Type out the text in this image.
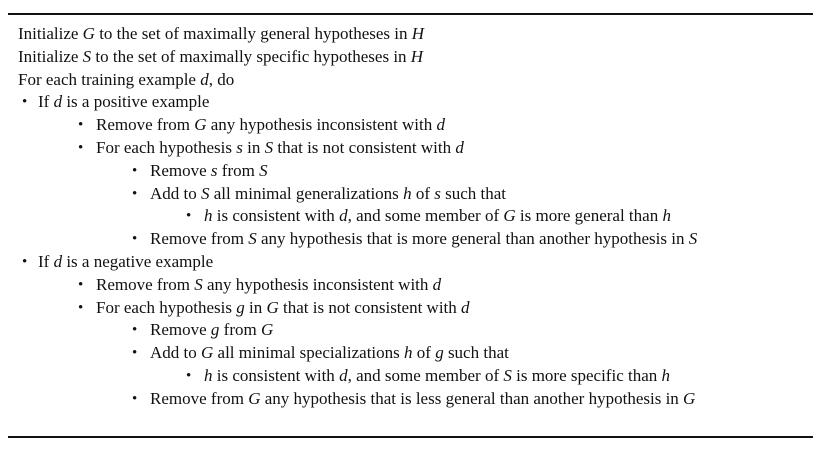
Initialize G to the set of maximally general hypotheses in H
Initialize S to the set of maximally specific hypotheses in H
For each training example d, do
• If d is a positive example
• Remove from G any hypothesis inconsistent with d
• For each hypothesis s in S that is not consistent with d
• Remove s from S
• Add to S all minimal generalizations h of s such that
• h is consistent with d, and some member of G is more general than h
• Remove from S any hypothesis that is more general than another hypothesis in S
• If d is a negative example
• Remove from S any hypothesis inconsistent with d
• For each hypothesis g in G that is not consistent with d
• Remove g from G
• Add to G all minimal specializations h of g such that
• h is consistent with d, and some member of S is more specific than h
• Remove from G any hypothesis that is less general than another hypothesis in G
